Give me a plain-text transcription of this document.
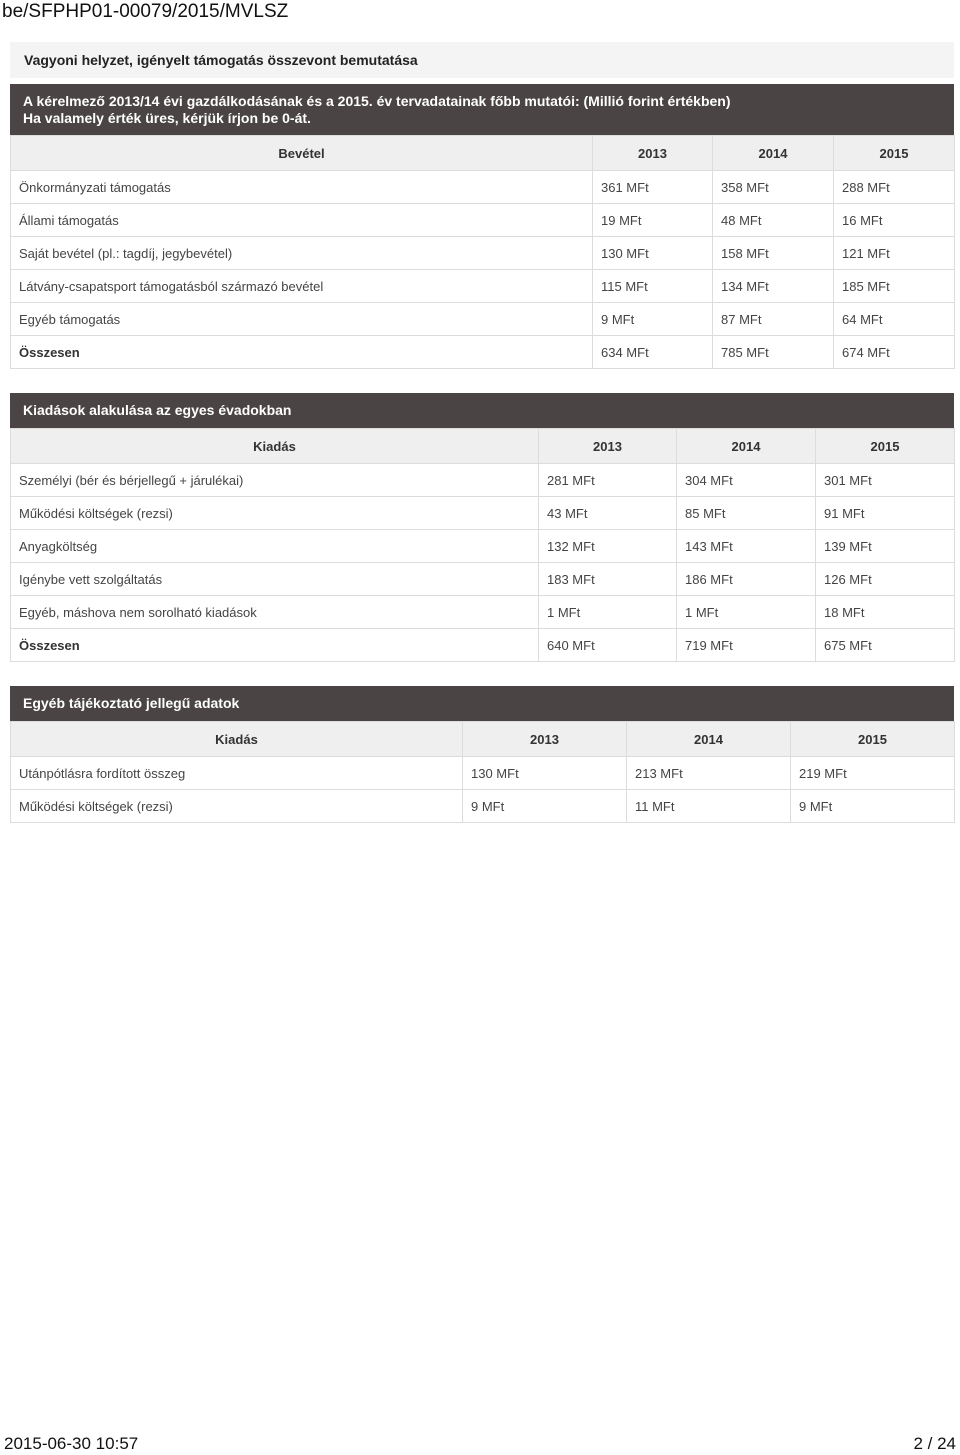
be/SFPHP01-00079/2015/MVLSZ
Vagyoni helyzet, igényelt támogatás összevont bemutatása
A kérelmező 2013/14 évi gazdálkodásának és a 2015. év tervadatainak főbb mutatói: (Millió forint értékben)
Ha valamely érték üres, kérjük írjon be 0-át.
Bevétel	2013	2014	2015
Önkormányzati támogatás	361 MFt	358 MFt	288 MFt
Állami támogatás	19 MFt	48 MFt	16 MFt
Saját bevétel (pl.: tagdíj, jegybevétel)	130 MFt	158 MFt	121 MFt
Látvány-csapatsport támogatásból származó bevétel	115 MFt	134 MFt	185 MFt
Egyéb támogatás	9 MFt	87 MFt	64 MFt
Összesen	634 MFt	785 MFt	674 MFt
Kiadások alakulása az egyes évadokban
Kiadás	2013	2014	2015
Személyi (bér és bérjellegű + járulékai)	281 MFt	304 MFt	301 MFt
Működési költségek (rezsi)	43 MFt	85 MFt	91 MFt
Anyagköltség	132 MFt	143 MFt	139 MFt
Igénybe vett szolgáltatás	183 MFt	186 MFt	126 MFt
Egyéb, máshova nem sorolható kiadások	1 MFt	1 MFt	18 MFt
Összesen	640 MFt	719 MFt	675 MFt
Egyéb tájékoztató jellegű adatok
Kiadás	2013	2014	2015
Utánpótlásra fordított összeg	130 MFt	213 MFt	219 MFt
Működési költségek (rezsi)	9 MFt	11 MFt	9 MFt
2015-06-30 10:57	2 / 24
